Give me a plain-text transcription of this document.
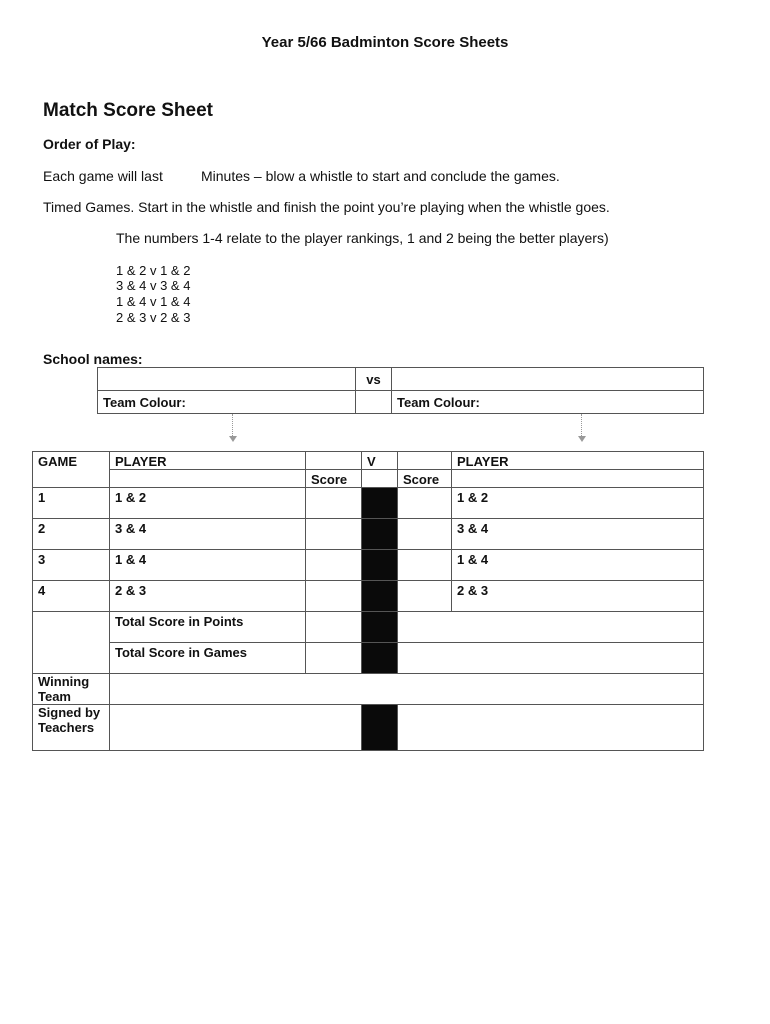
Year 5/66 Badminton Score Sheets
Match Score Sheet
Order of Play:
Each game will last	Minutes – blow a whistle to start and conclude the games.
Timed Games. Start in the whistle and finish the point you’re playing when the whistle goes.
The numbers 1-4 relate to the player rankings, 1 and 2 being the better players)
1 & 2 v 1 & 2
3 & 4 v 3 & 4
1 & 4 v 1 & 4
2 & 3 v 2 & 3
School names:
	vs	
Team Colour:		Team Colour:
GAME	PLAYER		V		PLAYER
		Score		Score	
1	1 & 2				1 & 2
2	3 & 4				3 & 4
3	1 & 4				1 & 4
4	2 & 3				2 & 3
	Total Score in Points				
	Total Score in Games				
Winning Team					
Signed by Teachers					
